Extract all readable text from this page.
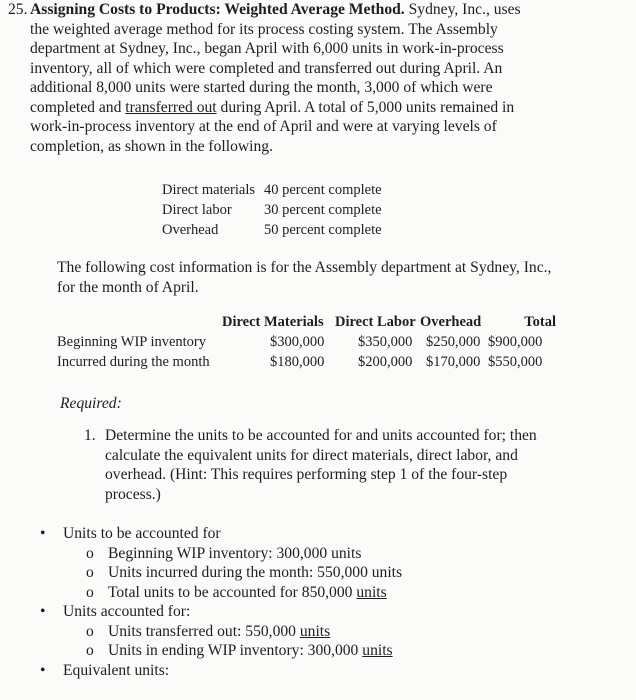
25. Assigning Costs to Products: Weighted Average Method. Sydney, Inc., uses
the weighted average method for its process costing system. The Assembly
department at Sydney, Inc., began April with 6,000 units in work-in-process
inventory, all of which were completed and transferred out during April. An
additional 8,000 units were started during the month, 3,000 of which were
completed and transferred out during April. A total of 5,000 units remained in
work-in-process inventory at the end of April and were at varying levels of
completion, as shown in the following.
Direct materials 40 percent complete
Direct labor	30 percent complete
Overhead	50 percent complete
The following cost information is for the Assembly department at Sydney, Inc.,
for the month of April.
Direct Materials Direct Labor Overhead	Total
Beginning WIP inventory	$300,000	$350,000 $250,000 $900,000
Incurred during the month	$180,000	$200,000 $170,000 $550,000
Required:
1. Determine the units to be accounted for and units accounted for; then
calculate the equivalent units for direct materials, direct labor, and
overhead. (Hint: This requires performing step 1 of the four-step
process.)
• Units to be accounted for
o Beginning WIP inventory: 300,000 units
o Units incurred during the month: 550,000 units
o Total units to be accounted for 850,000 units
• Units accounted for:
o Units transferred out: 550,000 units
o Units in ending WIP inventory: 300,000 units
• Equivalent units:
